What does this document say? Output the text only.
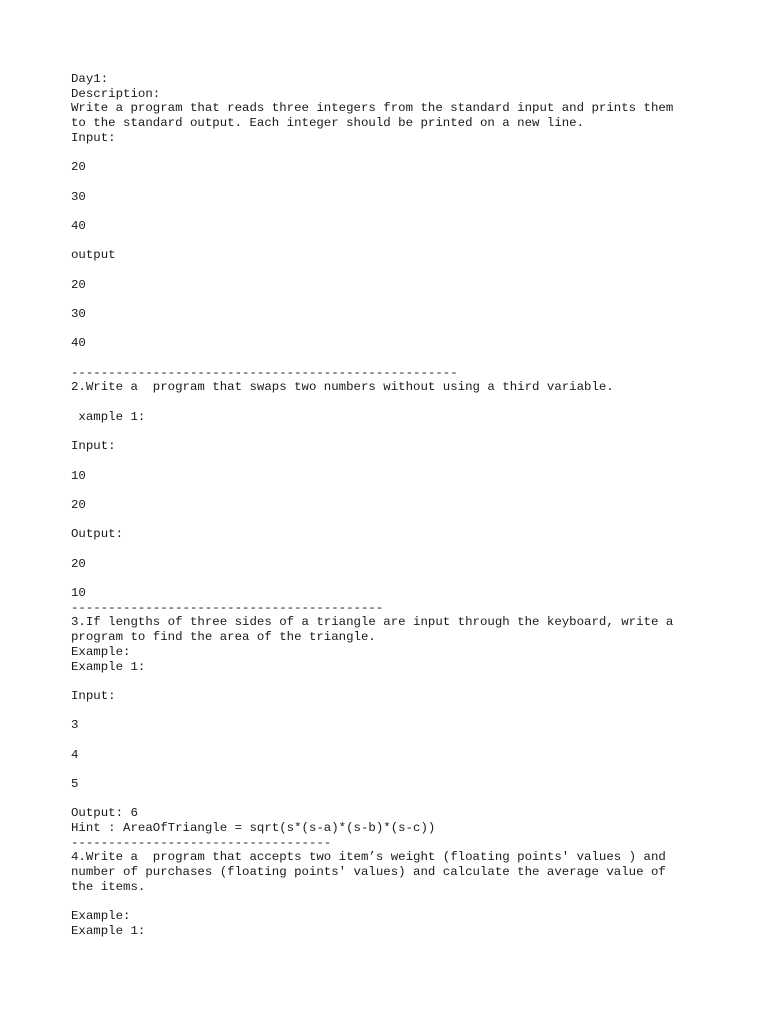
Day1:
Description:
Write a program that reads three integers from the standard input and prints them
to the standard output. Each integer should be printed on a new line.
Input:
20
30
40
output
20
30
40
----------------------------------------------------
2.Write a  program that swaps two numbers without using a third variable.
xample 1:
Input:
10
20
Output:
20
10
------------------------------------------
3.If lengths of three sides of a triangle are input through the keyboard, write a
program to find the area of the triangle.
Example:
Example 1:
Input:
3
4
5
Output: 6
Hint : AreaOfTriangle = sqrt(s*(s-a)*(s-b)*(s-c))
-----------------------------------
4.Write a  program that accepts two item’s weight (floating points' values ) and
number of purchases (floating points' values) and calculate the average value of
the items.
Example:
Example 1:
